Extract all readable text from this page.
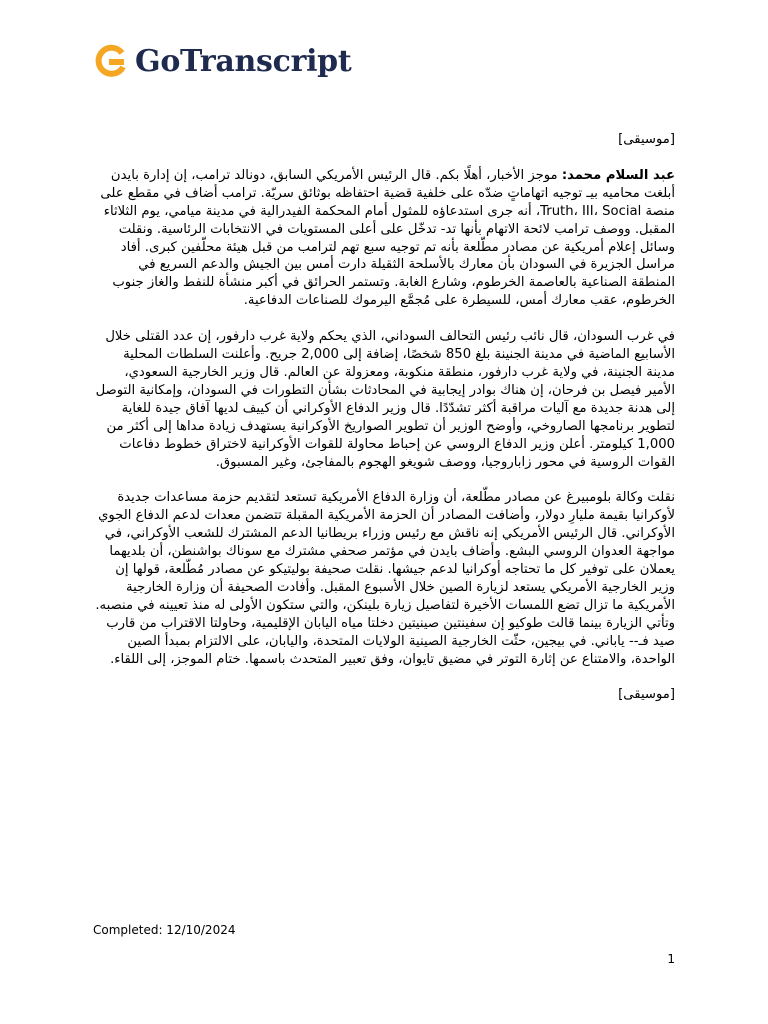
GoTranscript

[موسيقى]

عبد السلام محمد: موجز الأخبار، أهلًا بكم. قال الرئيس الأمريكي السابق، دونالد ترامب، إن إدارة بايدن أبلغت محاميه بيـ توجيه اتهاماتٍ ضدّه على خلفية قضية احتفاظه بوثائق سريّة. ترامب أضاف في مقطع على منصة Truth، III، Social، أنه جرى استدعاؤه للمثول أمام المحكمة الفيدرالية في مدينة ميامي، يوم الثلاثاء المقبل. ووصف ترامب لائحة الاتهام بأنها تد- تدخّل على أعلى المستويات في الانتخابات الرئاسية. ونقلت وسائل إعلام أمريكية عن مصادر مطّلعة بأنه تم توجيه سبع تهم لترامب من قبل هيئة محلّفين كبرى. أفاد مراسل الجزيرة في السودان بأن معارك بالأسلحة الثقيلة دارت أمس بين الجيش والدعم السريع في المنطقة الصناعية بالعاصمة الخرطوم، وشارع الغابة. وتستمر الحرائق في أكبر منشأة للنفط والغاز جنوب الخرطوم، عقب معارك أمس، للسيطرة على مُجمَّع اليرموك للصناعات الدفاعية.

في غرب السودان، قال نائب رئيس التحالف السوداني، الذي يحكم ولاية غرب دارفور، إن عدد القتلى خلال الأسابيع الماضية في مدينة الجنينة بلغ 850 شخصًا، إضافة إلى 2,000 جريح. وأعلنت السلطات المحلية مدينة الجنينة، في ولاية غرب دارفور، منطقة منكوبة، ومعزولة عن العالم. قال وزير الخارجية السعودي، الأمير فيصل بن فرحان، إن هناك بوادر إيجابية في المحادثات بشأن التطورات في السودان، وإمكانية التوصل إلى هدنة جديدة مع آليات مراقبة أكثر تشدّدًا. قال وزير الدفاع الأوكراني أن كييف لديها آفاق جيدة للغاية لتطوير برنامجها الصاروخي، وأوضح الوزير أن تطوير الصواريخ الأوكرانية يستهدف زيادة مداها إلى أكثر من 1,000 كيلومتر. أعلن وزير الدفاع الروسي عن إحباط محاولة للقوات الأوكرانية لاختراق خطوط دفاعات القوات الروسية في محور زاباروجيا، ووصف شويغو الهجوم بالمفاجئ، وغير المسبوق.

نقلت وكالة بلومبيرغ عن مصادر مطّلعة، أن وزارة الدفاع الأمريكية تستعد لتقديم حزمة مساعدات جديدة لأوكرانيا بقيمة مليارِ دولار، وأضافت المصادر أن الحزمة الأمريكية المقبلة تتضمن معدات لدعم الدفاع الجوي الأوكراني. قال الرئيس الأمريكي إنه ناقش مع رئيس وزراء بريطانيا الدعم المشترك للشعب الأوكراني، في مواجهة العدوان الروسي البشع. وأضاف بايدن في مؤتمر صحفي مشترك مع سوناك بواشنطن، أن بلديهما يعملان على توفير كل ما تحتاجه أوكرانيا لدعم جيشها. نقلت صحيفة بوليتيكو عن مصادر مُطّلعة، قولها إن وزير الخارجية الأمريكي يستعد لزيارة الصين خلال الأسبوع المقبل. وأفادت الصحيفة أن وزارة الخارجية الأمريكية ما تزال تضع اللمسات الأخيرة لتفاصيل زيارة بلينكن، والتي ستكون الأولى له منذ تعيينه في منصبه. وتأتي الزيارة بينما قالت طوكيو إن سفينتين صينيتين دخلتا مياه اليابان الإقليمية، وحاولتا الاقتراب من قارب صيد فـ-- ياباني. في بيجين، حثّت الخارجية الصينية الولايات المتحدة، واليابان، على الالتزام بمبدأ الصين الواحدة، والامتناع عن إثارة التوتر في مضيق تايوان، وفق تعبير المتحدث باسمها. ختام الموجز، إلى اللقاء.

[موسيقى]

Completed: 12/10/2024
1
